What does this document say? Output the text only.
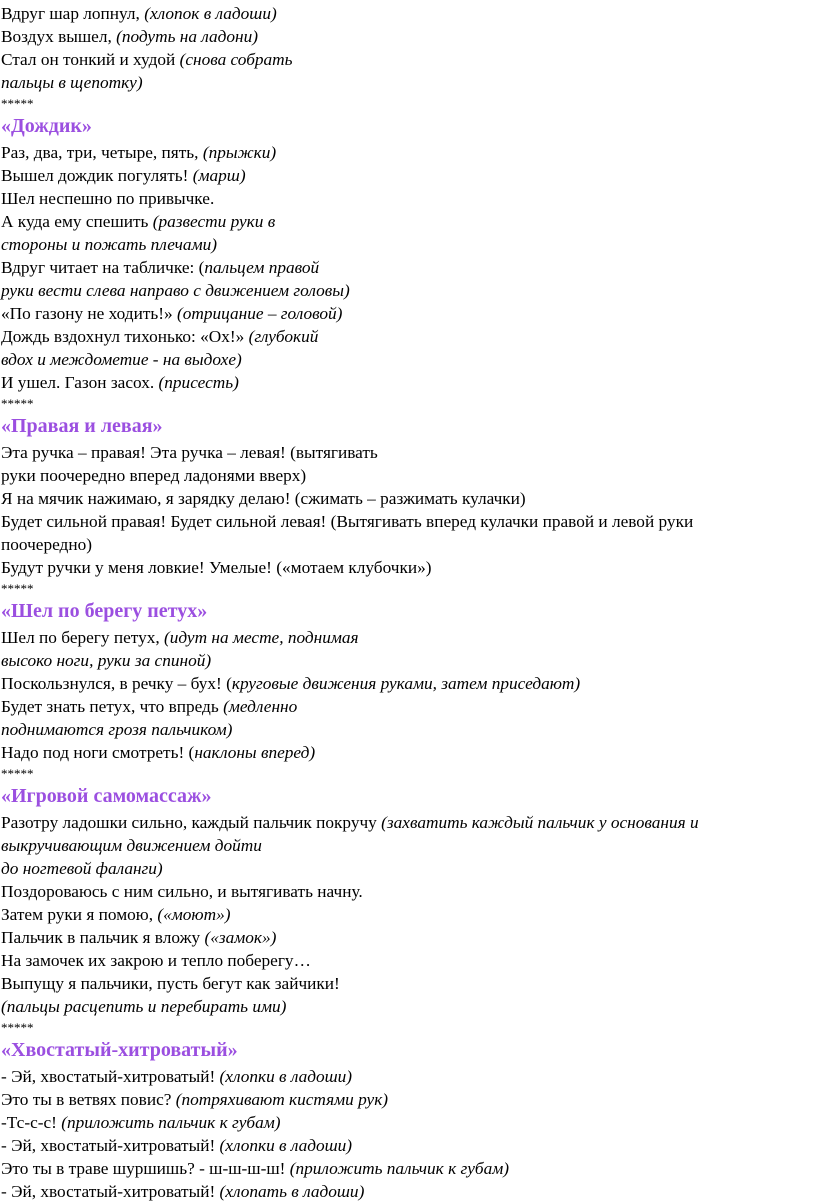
Вдруг шар лопнул, (хлопок в ладоши)
Воздух вышел, (подуть на ладони)
Стал он тонкий и худой (снова собрать
пальцы в щепотку)
*****
«Дождик»
Раз, два, три, четыре, пять, (прыжки)
Вышел дождик погулять! (марш)
Шел неспешно по привычке.
А куда ему спешить (развести руки в
стороны и пожать плечами)
Вдруг читает на табличке: (пальцем правой
руки вести слева направо с движением головы)
«По газону не ходить!» (отрицание – головой)
Дождь вздохнул тихонько: «Ох!» (глубокий
вдох и междометие - на выдохе)
И ушел. Газон засох. (присесть)
*****
«Правая и левая»
Эта ручка – правая! Эта ручка – левая! (вытягивать
руки поочередно вперед ладонями вверх)
Я на мячик нажимаю, я зарядку делаю! (сжимать – разжимать кулачки)
Будет сильной правая! Будет сильной левая! (Вытягивать вперед кулачки правой и левой руки
поочередно)
Будут ручки у меня ловкие! Умелые! («мотаем клубочки»)
*****
«Шел по берегу петух»
Шел по берегу петух, (идут на месте, поднимая
высоко ноги, руки за спиной)
Поскользнулся, в речку – бух! (круговые движения руками, затем приседают)
Будет знать петух, что впредь (медленно
поднимаются грозя пальчиком)
Надо под ноги смотреть! (наклоны вперед)
*****
«Игровой самомассаж»
Разотру ладошки сильно, каждый пальчик покручу (захватить каждый пальчик у основания и
выкручивающим движением дойти
до ногтевой фаланги)
Поздороваюсь с ним сильно, и вытягивать начну.
Затем руки я помою, («моют»)
Пальчик в пальчик я вложу («замок»)
На замочек их закрою и тепло поберегу…
Выпущу я пальчики, пусть бегут как зайчики!
(пальцы расцепить и перебирать ими)
*****
«Хвостатый-хитроватый»
- Эй, хвостатый-хитроватый! (хлопки в ладоши)
Это ты в ветвях повис? (потряхивают кистями рук)
-Тс-с-с! (приложить пальчик к губам)
- Эй, хвостатый-хитроватый! (хлопки в ладоши)
Это ты в траве шуршишь? - ш-ш-ш-ш! (приложить пальчик к губам)
- Эй, хвостатый-хитроватый! (хлопать в ладоши)
